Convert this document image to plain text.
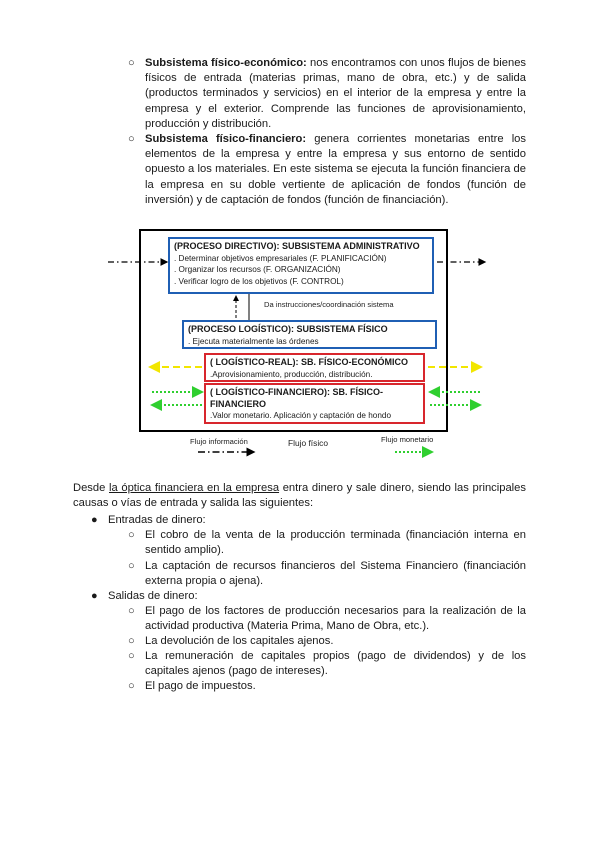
○ Subsistema físico-económico: nos encontramos con unos flujos de bienes físicos de entrada (materias primas, mano de obra, etc.) y de salida (productos terminados y servicios) en el interior de la empresa y entre la empresa y el exterior. Comprende las funciones de aprovisionamiento, producción y distribución.
○ Subsistema físico-financiero: genera corrientes monetarias entre los elementos de la empresa y entre la empresa y sus entorno de sentido opuesto a los materiales. En este sistema se ejecuta la función financiera de la empresa en su doble vertiente de aplicación de fondos (función de inversión) y de captación de fondos (función de financiación).
(PROCESO DIRECTIVO): SUBSISTEMA ADMINISTRATIVO
. Determinar objetivos empresariales (F. PLANIFICACIÓN)
. Organizar los recursos (F. ORGANIZACIÓN)
. Verificar logro de los objetivos (F. CONTROL)
Da instrucciones/coordinación sistema
(PROCESO LOGÍSTICO): SUBSISTEMA FÍSICO
. Ejecuta materialmente las órdenes
( LOGÍSTICO-REAL): SB. FÍSICO-ECONÓMICO
.Aprovisionamiento, producción, distribución.
( LOGÍSTICO-FINANCIERO): SB. FÍSICO-FINANCIERO
.Valor monetario. Aplicación y captación de hondo
Flujo información	Flujo físico	Flujo monetario
Desde la óptica financiera en la empresa entra dinero y sale dinero, siendo las principales causas o vías de entrada y salida las siguientes:
● Entradas de dinero:
○ El cobro de la venta de la producción terminada (financiación interna en sentido amplio).
○ La captación de recursos financieros del Sistema Financiero (financiación externa propia o ajena).
● Salidas de dinero:
○ El pago de los factores de producción necesarios para la realización de la actividad productiva (Materia Prima, Mano de Obra, etc.).
○ La devolución de los capitales ajenos.
○ La remuneración de capitales propios (pago de dividendos) y de los capitales ajenos (pago de intereses).
○ El pago de impuestos.
